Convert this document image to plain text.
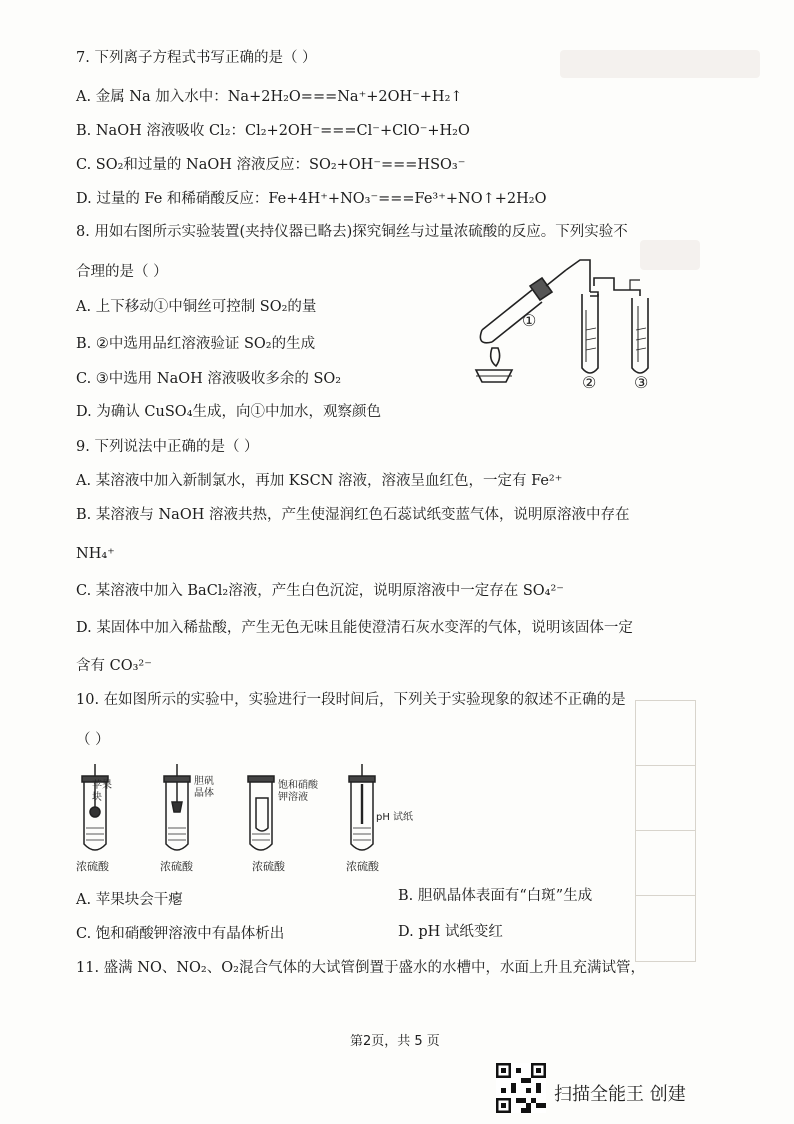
7. 下列离子方程式书写正确的是（ ）
A. 金属 Na 加入水中：Na+2H₂O===Na⁺+2OH⁻+H₂↑
B. NaOH 溶液吸收 Cl₂：Cl₂+2OH⁻===Cl⁻+ClO⁻+H₂O
C. SO₂和过量的 NaOH 溶液反应：SO₂+OH⁻===HSO₃⁻
D. 过量的 Fe 和稀硝酸反应：Fe+4H⁺+NO₃⁻===Fe³⁺+NO↑+2H₂O
8. 用如右图所示实验装置(夹持仪器已略去)探究铜丝与过量浓硫酸的反应。下列实验不
合理的是（ ）
A. 上下移动①中铜丝可控制 SO₂的量
B. ②中选用品红溶液验证 SO₂的生成
C. ③中选用 NaOH 溶液吸收多余的 SO₂
D. 为确认 CuSO₄生成，向①中加水，观察颜色
①
② ③
9. 下列说法中正确的是（ ）
A. 某溶液中加入新制氯水，再加 KSCN 溶液，溶液呈血红色，一定有 Fe²⁺
B. 某溶液与 NaOH 溶液共热，产生使湿润红色石蕊试纸变蓝气体，说明原溶液中存在
NH₄⁺
C. 某溶液中加入 BaCl₂溶液，产生白色沉淀，说明原溶液中一定存在 SO₄²⁻
D. 某固体中加入稀盐酸，产生无色无味且能使澄清石灰水变浑的气体，说明该固体一定
含有 CO₃²⁻
10. 在如图所示的实验中，实验进行一段时间后，下列关于实验现象的叙述不正确的是
（ ）
苹果块
浓硫酸
胆矾晶体
浓硫酸
饱和硝酸钾溶液
浓硫酸
pH 试纸
浓硫酸
A. 苹果块会干瘪	B. 胆矾晶体表面有“白斑”生成
C. 饱和硝酸钾溶液中有晶体析出	D. pH 试纸变红
11. 盛满 NO、NO₂、O₂混合气体的大试管倒置于盛水的水槽中，水面上升且充满试管，
第2页，共 5 页
扫描全能王 创建
